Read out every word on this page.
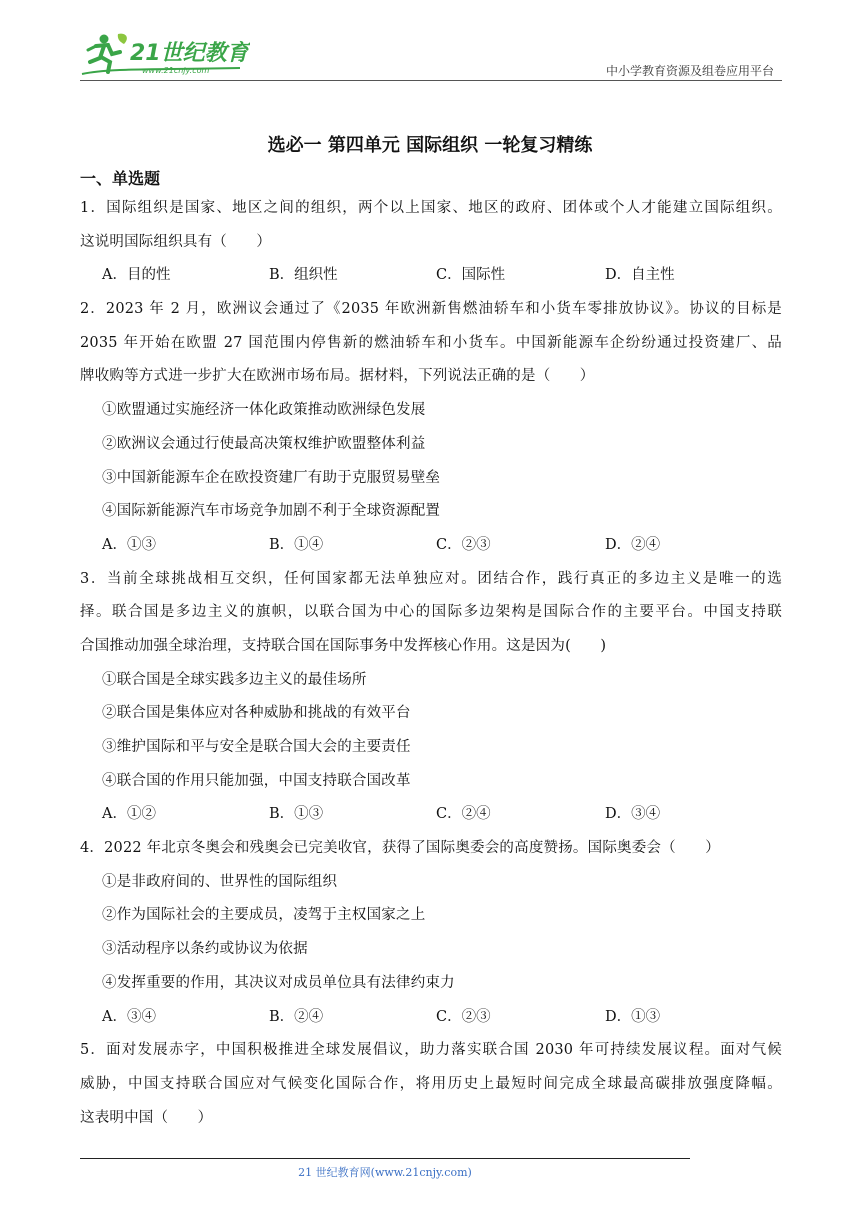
21世纪教育
www.21cnjy.com	中小学教育资源及组卷应用平台
选必一 第四单元 国际组织 一轮复习精练
一、单选题
1．国际组织是国家、地区之间的组织，两个以上国家、地区的政府、团体或个人才能建立国际组织。
这说明国际组织具有（　　）
A．目的性	B．组织性	C．国际性	D．自主性
2．2023 年 2 月，欧洲议会通过了《2035 年欧洲新售燃油轿车和小货车零排放协议》。协议的目标是
2035 年开始在欧盟 27 国范围内停售新的燃油轿车和小货车。中国新能源车企纷纷通过投资建厂、品
牌收购等方式进一步扩大在欧洲市场布局。据材料，下列说法正确的是（　　）
①欧盟通过实施经济一体化政策推动欧洲绿色发展
②欧洲议会通过行使最高决策权维护欧盟整体利益
③中国新能源车企在欧投资建厂有助于克服贸易壁垒
④国际新能源汽车市场竞争加剧不利于全球资源配置
A．①③	B．①④	C．②③	D．②④
3．当前全球挑战相互交织，任何国家都无法单独应对。团结合作，践行真正的多边主义是唯一的选
择。联合国是多边主义的旗帜，以联合国为中心的国际多边架构是国际合作的主要平台。中国支持联
合国推动加强全球治理，支持联合国在国际事务中发挥核心作用。这是因为(　　)
①联合国是全球实践多边主义的最佳场所
②联合国是集体应对各种威胁和挑战的有效平台
③维护国际和平与安全是联合国大会的主要责任
④联合国的作用只能加强，中国支持联合国改革
A．①②	B．①③	C．②④	D．③④
4．2022 年北京冬奥会和残奥会已完美收官，获得了国际奥委会的高度赞扬。国际奥委会（　　）
①是非政府间的、世界性的国际组织
②作为国际社会的主要成员，凌驾于主权国家之上
③活动程序以条约或协议为依据
④发挥重要的作用，其决议对成员单位具有法律约束力
A．③④	B．②④	C．②③	D．①③
5．面对发展赤字，中国积极推进全球发展倡议，助力落实联合国 2030 年可持续发展议程。面对气候
威胁，中国支持联合国应对气候变化国际合作，将用历史上最短时间完成全球最高碳排放强度降幅。
这表明中国（　　）
21 世纪教育网(www.21cnjy.com)
